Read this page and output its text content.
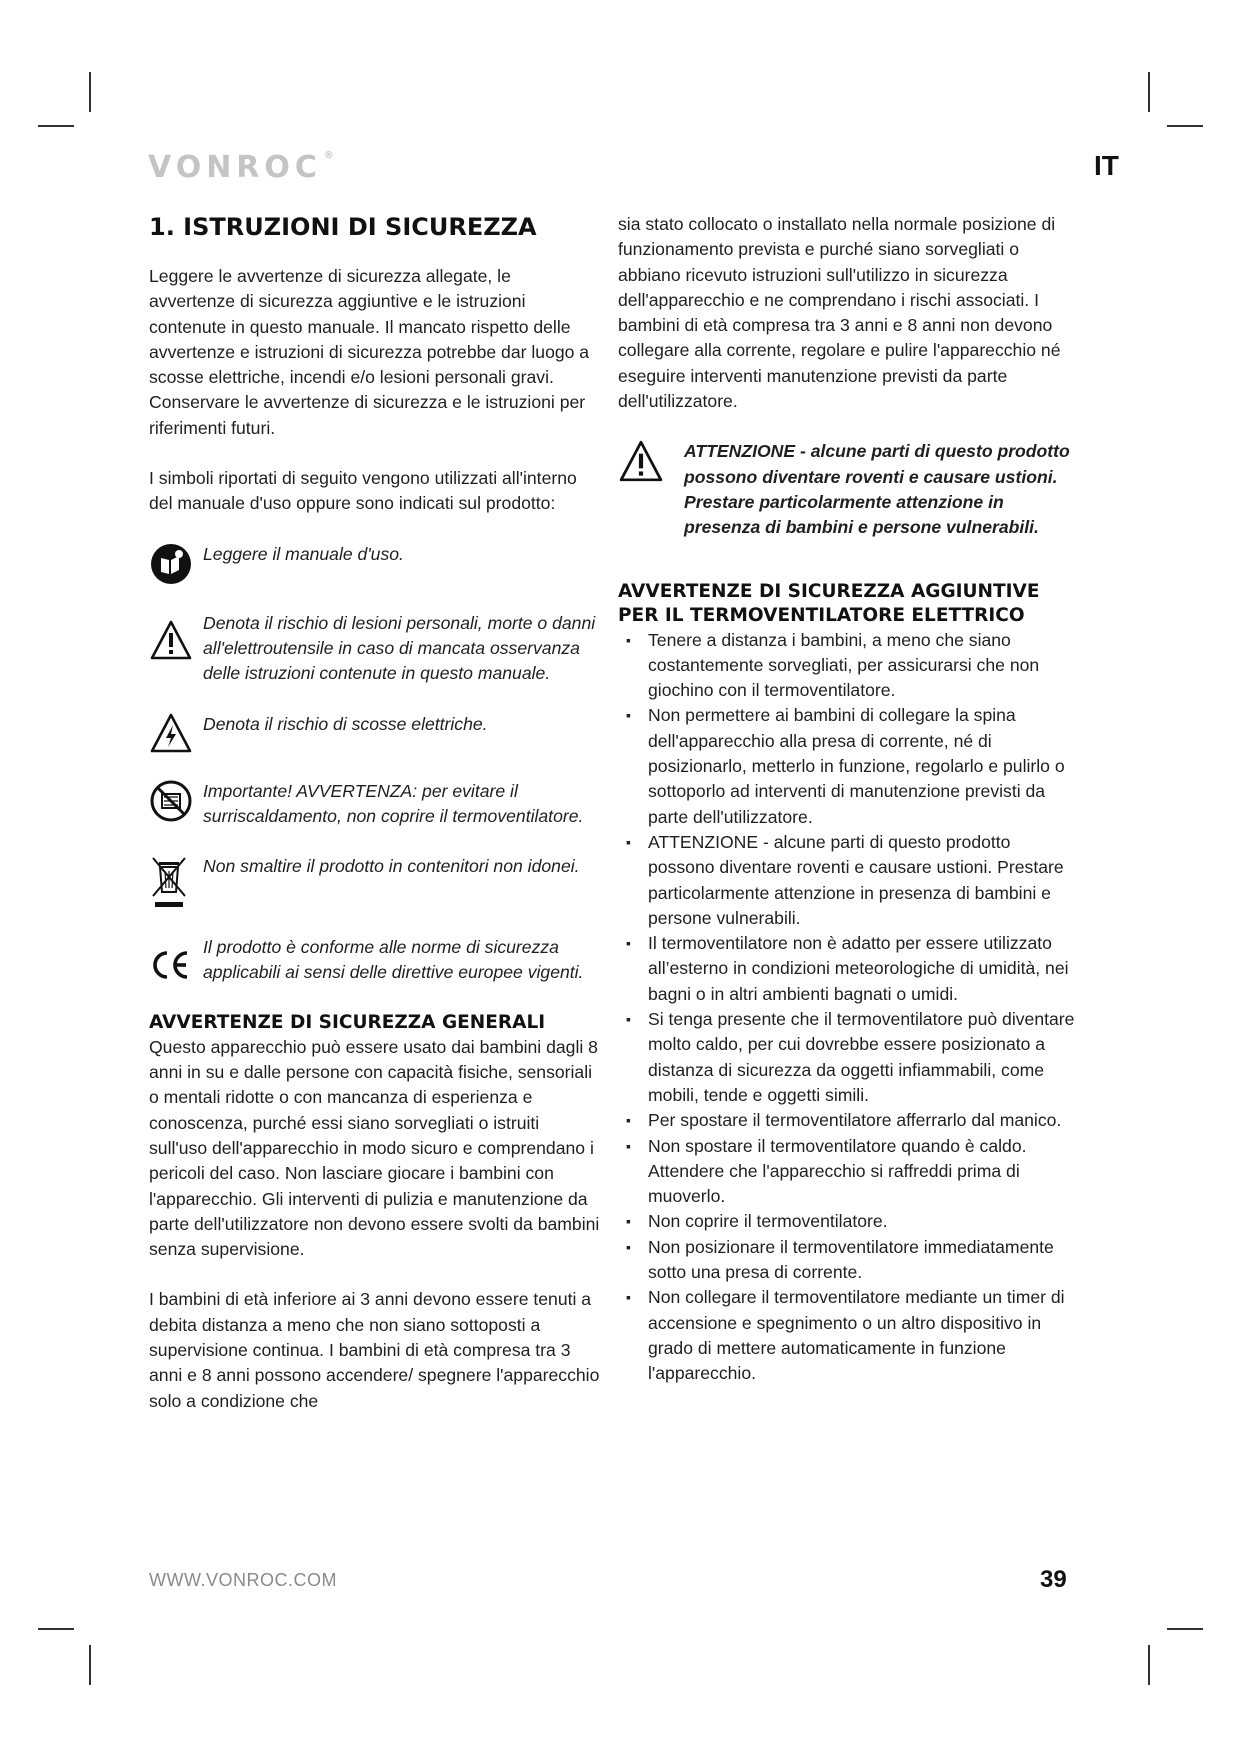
VONROC ®	IT
1. ISTRUZIONI DI SICUREZZA

Leggere le avvertenze di sicurezza allegate, le avvertenze di sicurezza aggiuntive e le istruzioni contenute in questo manuale. Il mancato rispetto delle avvertenze e istruzioni di sicurezza potrebbe dar luogo a scosse elettriche, incendi e/o lesioni personali gravi. Conservare le avvertenze di sicurezza e le istruzioni per riferimenti futuri.

I simboli riportati di seguito vengono utilizzati all'interno del manuale d'uso oppure sono indicati sul prodotto:

Leggere il manuale d'uso.
Denota il rischio di lesioni personali, morte o danni all'elettroutensile in caso di mancata osservanza delle istruzioni contenute in questo manuale.
Denota il rischio di scosse elettriche.
Importante! AVVERTENZA: per evitare il surriscaldamento, non coprire il termoventilatore.
Non smaltire il prodotto in contenitori non idonei.
Il prodotto è conforme alle norme di sicurezza applicabili ai sensi delle direttive europee vigenti.
AVVERTENZE DI SICUREZZA GENERALI

Questo apparecchio può essere usato dai bambini dagli 8 anni in su e dalle persone con capacità fisiche, sensoriali o mentali ridotte o con mancanza di esperienza e conoscenza, purché essi siano sorvegliati o istruiti sull'uso dell'apparecchio in modo sicuro e comprendano i pericoli del caso. Non lasciare giocare i bambini con l'apparecchio. Gli interventi di pulizia e manutenzione da parte dell'utilizzatore non devono essere svolti da bambini senza supervisione.

I bambini di età inferiore ai 3 anni devono essere tenuti a debita distanza a meno che non siano sottoposti a supervisione continua. I bambini di età compresa tra 3 anni e 8 anni possono accendere/ spegnere l'apparecchio solo a condizione che

sia stato collocato o installato nella normale posizione di funzionamento prevista e purché siano sorvegliati o abbiano ricevuto istruzioni sull'utilizzo in sicurezza dell'apparecchio e ne comprendano i rischi associati. I bambini di età compresa tra 3 anni e 8 anni non devono collegare alla corrente, regolare e pulire l'apparecchio né eseguire interventi manutenzione previsti da parte dell'utilizzatore.

ATTENZIONE - alcune parti di questo prodotto possono diventare roventi e causare ustioni. Prestare particolarmente attenzione in presenza di bambini e persone vulnerabili.
AVVERTENZE DI SICUREZZA AGGIUNTIVE
PER IL TERMOVENTILATORE ELETTRICO
▪ Tenere a distanza i bambini, a meno che siano costantemente sorvegliati, per assicurarsi che non giochino con il termoventilatore.
▪ Non permettere ai bambini di collegare la spina dell'apparecchio alla presa di corrente, né di posizionarlo, metterlo in funzione, regolarlo e pulirlo o sottoporlo ad interventi di manutenzione previsti da parte dell'utilizzatore.
▪ ATTENZIONE - alcune parti di questo prodotto possono diventare roventi e causare ustioni. Prestare particolarmente attenzione in presenza di bambini e persone vulnerabili.
▪ Il termoventilatore non è adatto per essere utilizzato all’esterno in condizioni meteorologiche di umidità, nei bagni o in altri ambienti bagnati o umidi.
▪ Si tenga presente che il termoventilatore può diventare molto caldo, per cui dovrebbe essere posizionato a distanza di sicurezza da oggetti infiammabili, come mobili, tende e oggetti simili.
▪ Per spostare il termoventilatore afferrarlo dal manico.
▪ Non spostare il termoventilatore quando è caldo. Attendere che l'apparecchio si raffreddi prima di muoverlo.
▪ Non coprire il termoventilatore.
▪ Non posizionare il termoventilatore immediatamente sotto una presa di corrente.
▪ Non collegare il termoventilatore mediante un timer di accensione e spegnimento o un altro dispositivo in grado di mettere automaticamente in funzione l'apparecchio.
WWW.VONROC.COM	39
